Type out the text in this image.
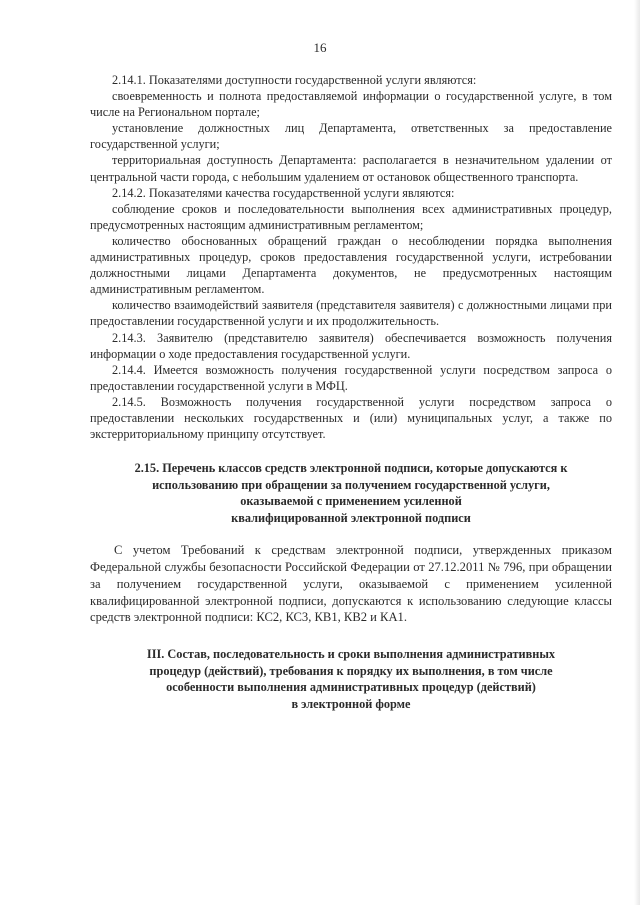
16

2.14.1. Показателями доступности государственной услуги являются:

своевременность и полнота предоставляемой информации о государственной услуге, в том числе на Региональном портале;

установление должностных лиц Департамента, ответственных за предоставление государственной услуги;

территориальная доступность Департамента: располагается в незначительном удалении от центральной части города, с небольшим удалением от остановок общественного транспорта.

2.14.2. Показателями качества государственной услуги являются:

соблюдение сроков и последовательности выполнения всех административных процедур, предусмотренных настоящим административным регламентом;

количество обоснованных обращений граждан о несоблюдении порядка выполнения административных процедур, сроков предоставления государственной услуги, истребовании должностными лицами Департамента документов, не предусмотренных настоящим административным регламентом.

количество взаимодействий заявителя (представителя заявителя) с должностными лицами при предоставлении государственной услуги и их продолжительность.

2.14.3. Заявителю (представителю заявителя) обеспечивается возможность получения информации о ходе предоставления государственной услуги.

2.14.4. Имеется возможность получения государственной услуги посредством запроса о предоставлении государственной услуги в МФЦ.

2.14.5. Возможность получения государственной услуги посредством запроса о предоставлении нескольких государственных и (или) муниципальных услуг, а также по экстерриториальному принципу отсутствует.

2.15. Перечень классов средств электронной подписи, которые допускаются к
использованию при обращении за получением государственной услуги,
оказываемой с применением усиленной
квалифицированной электронной подписи

С учетом Требований к средствам электронной подписи, утвержденных приказом Федеральной службы безопасности Российской Федерации от 27.12.2011 № 796, при обращении за получением государственной услуги, оказываемой с применением усиленной квалифицированной электронной подписи, допускаются к использованию следующие классы средств электронной подписи: КС2, КС3, КВ1, КВ2 и КА1.

III. Состав, последовательность и сроки выполнения административных
процедур (действий), требования к порядку их выполнения, в том числе
особенности выполнения административных процедур (действий)
в электронной форме
